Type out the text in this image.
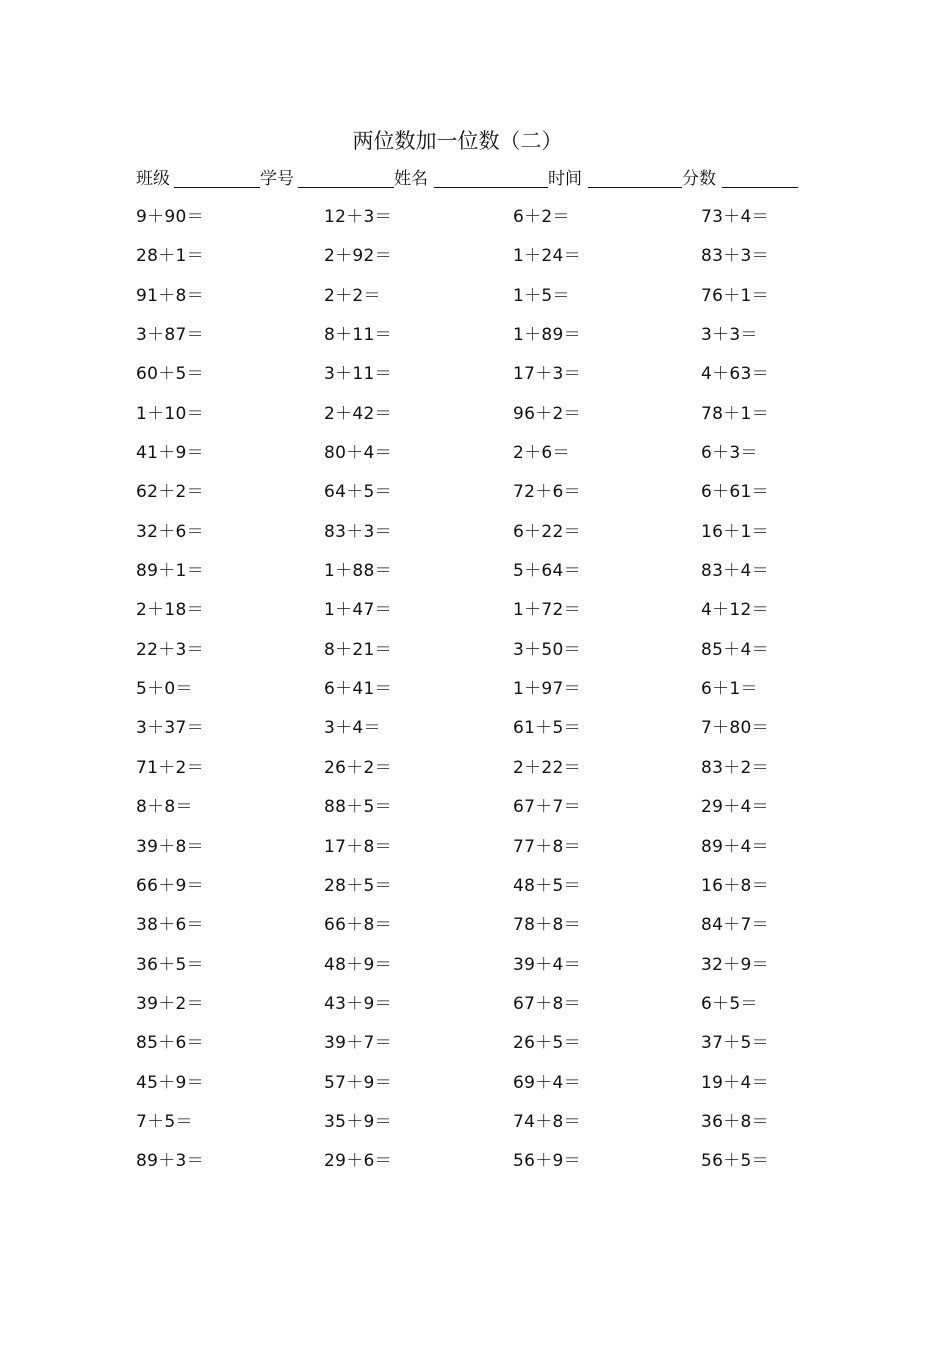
两位数加一位数（二）
班级	学号	姓名	时间	分数
9＋90＝	12＋3＝	6＋2＝	73＋4＝
28＋1＝	2＋92＝	1＋24＝	83＋3＝
91＋8＝	2＋2＝	1＋5＝	76＋1＝
3＋87＝	8＋11＝	1＋89＝	3＋3＝
60＋5＝	3＋11＝	17＋3＝	4＋63＝
1＋10＝	2＋42＝	96＋2＝	78＋1＝
41＋9＝	80＋4＝	2＋6＝	6＋3＝
62＋2＝	64＋5＝	72＋6＝	6＋61＝
32＋6＝	83＋3＝	6＋22＝	16＋1＝
89＋1＝	1＋88＝	5＋64＝	83＋4＝
2＋18＝	1＋47＝	1＋72＝	4＋12＝
22＋3＝	8＋21＝	3＋50＝	85＋4＝
5＋0＝	6＋41＝	1＋97＝	6＋1＝
3＋37＝	3＋4＝	61＋5＝	7＋80＝
71＋2＝	26＋2＝	2＋22＝	83＋2＝
8＋8＝	88＋5＝	67＋7＝	29＋4＝
39＋8＝	17＋8＝	77＋8＝	89＋4＝
66＋9＝	28＋5＝	48＋5＝	16＋8＝
38＋6＝	66＋8＝	78＋8＝	84＋7＝
36＋5＝	48＋9＝	39＋4＝	32＋9＝
39＋2＝	43＋9＝	67＋8＝	6＋5＝
85＋6＝	39＋7＝	26＋5＝	37＋5＝
45＋9＝	57＋9＝	69＋4＝	19＋4＝
7＋5＝	35＋9＝	74＋8＝	36＋8＝
89＋3＝	29＋6＝	56＋9＝	56＋5＝
